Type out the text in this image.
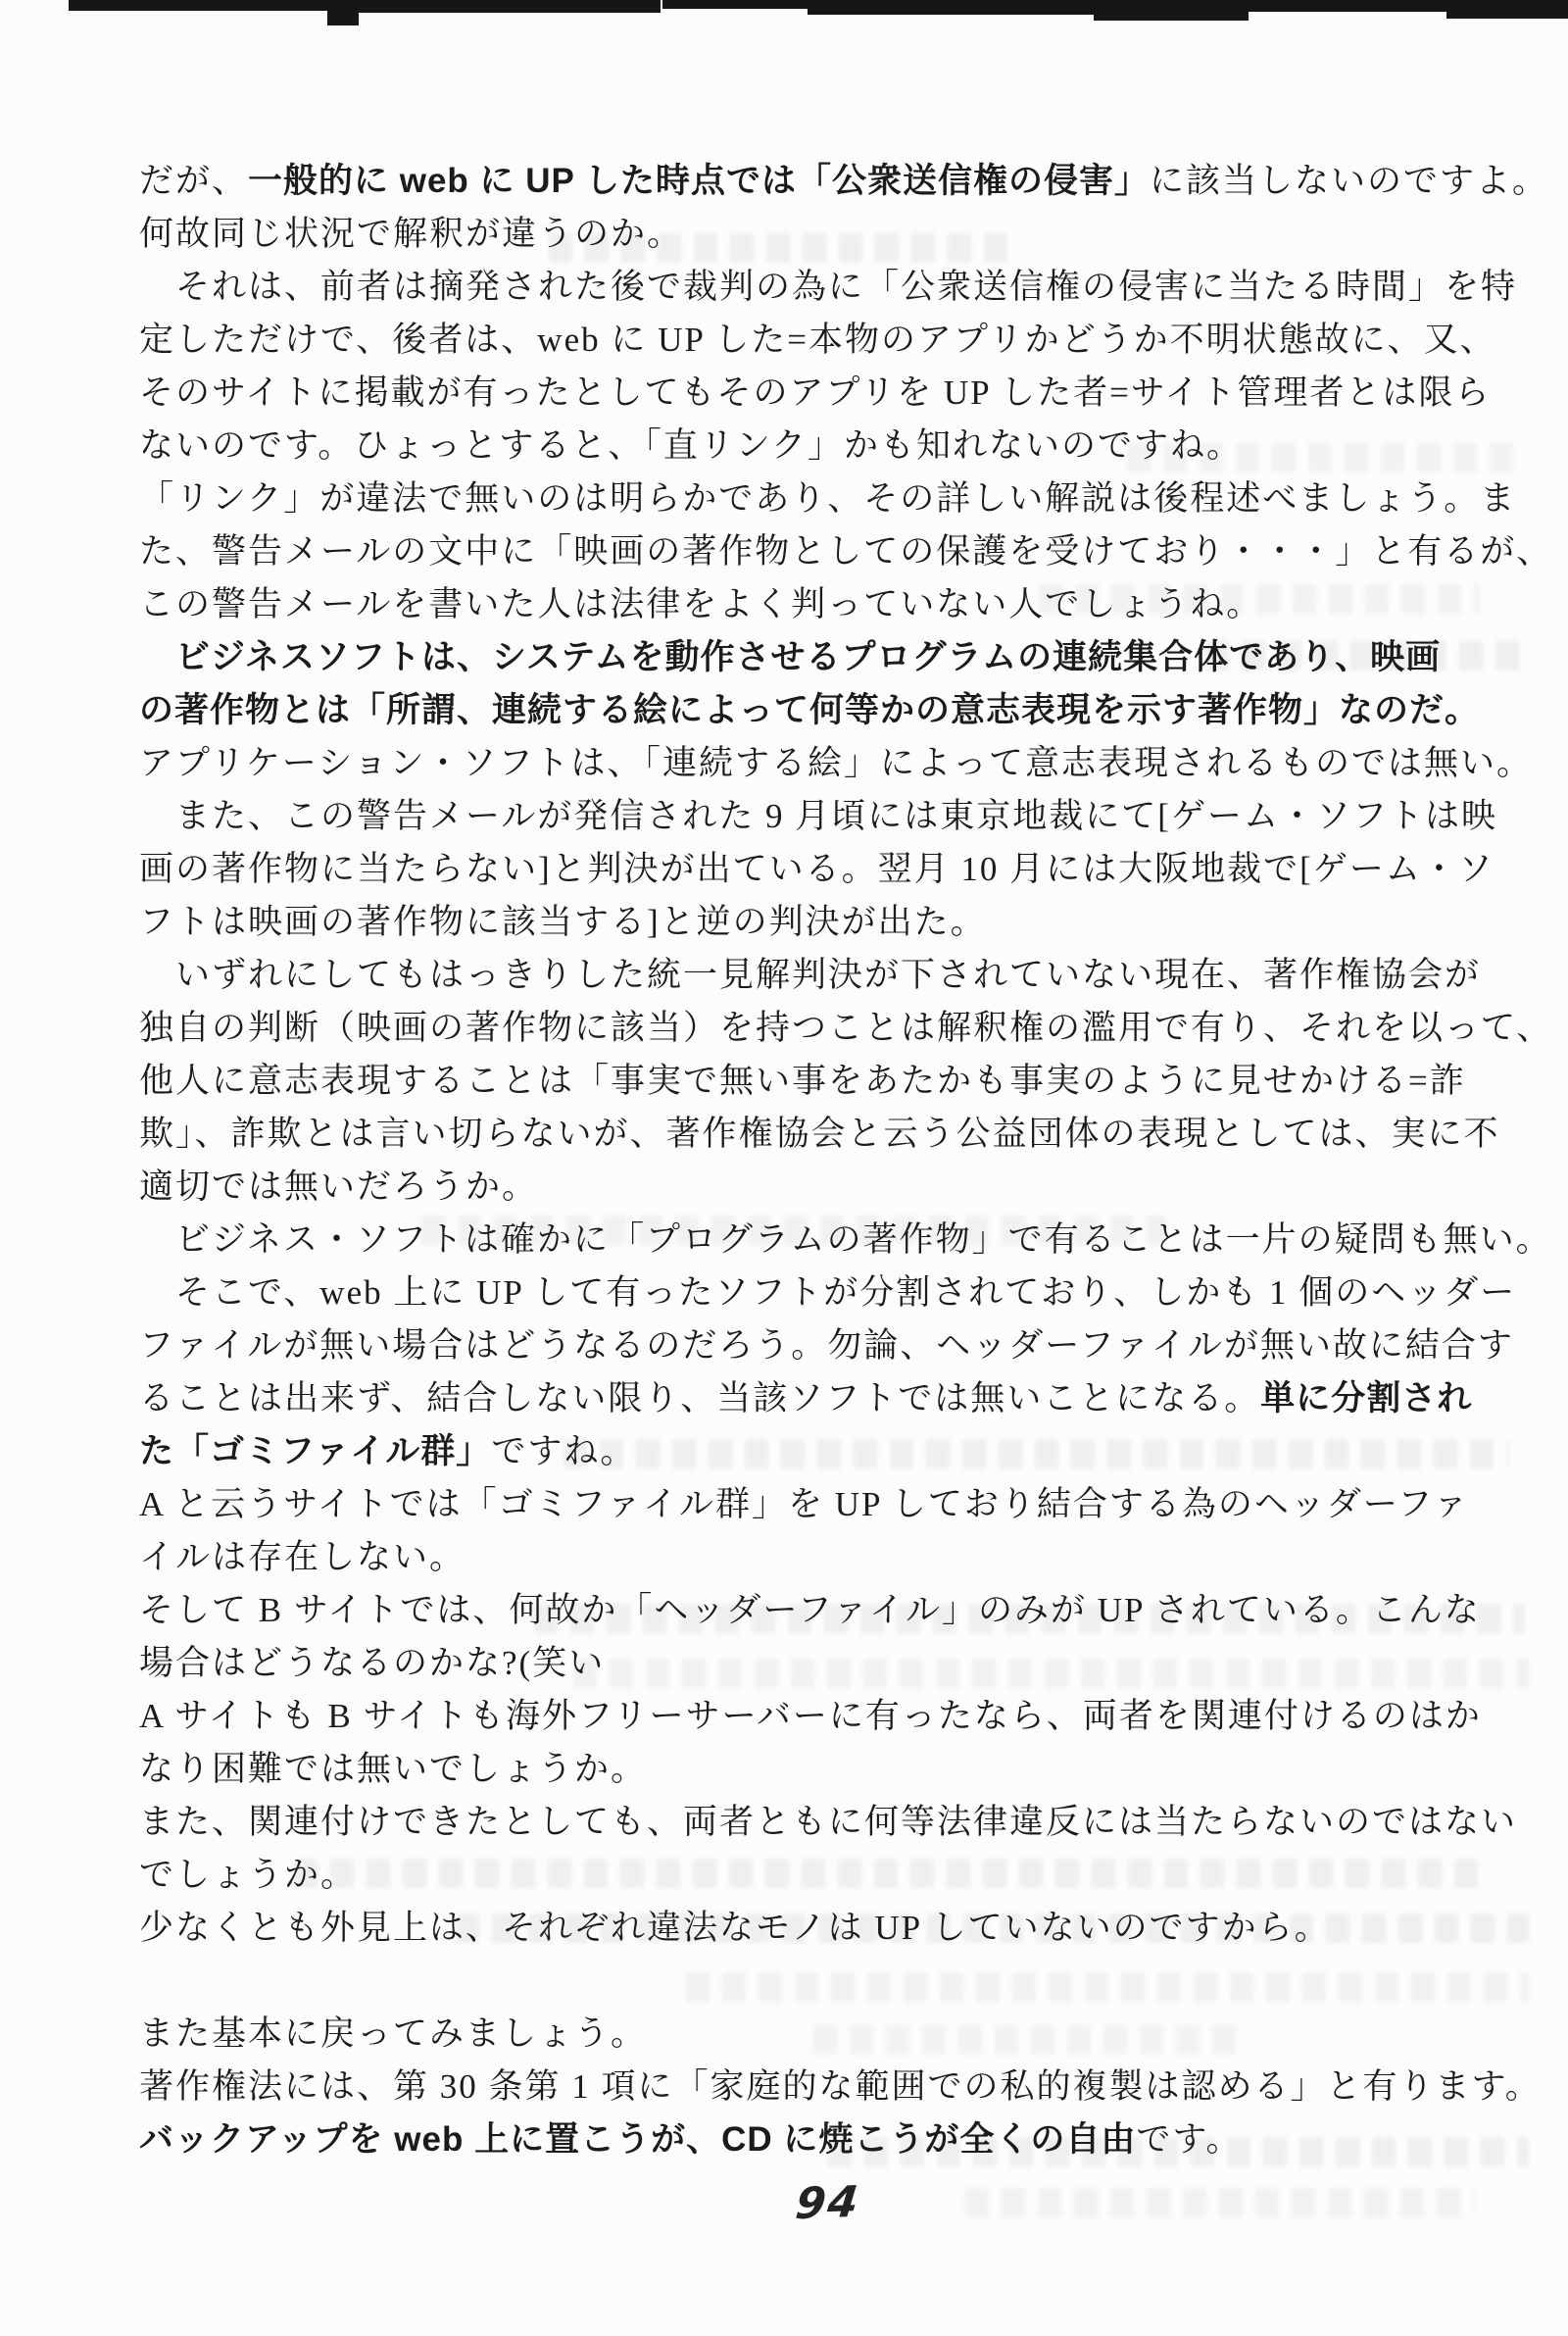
だが、一般的に web に UP した時点では「公衆送信権の侵害」に該当しないのですよ。
何故同じ状況で解釈が違うのか。
それは、前者は摘発された後で裁判の為に「公衆送信権の侵害に当たる時間」を特
定しただけで、後者は、web に UP した=本物のアプリかどうか不明状態故に、又、
そのサイトに掲載が有ったとしてもそのアプリを UP した者=サイト管理者とは限ら
ないのです。ひょっとすると、「直リンク」かも知れないのですね。
「リンク」が違法で無いのは明らかであり、その詳しい解説は後程述べましょう。ま
た、警告メールの文中に「映画の著作物としての保護を受けており・・・」と有るが、
この警告メールを書いた人は法律をよく判っていない人でしょうね。
ビジネスソフトは、システムを動作させるプログラムの連続集合体であり、映画
の著作物とは「所謂、連続する絵によって何等かの意志表現を示す著作物」なのだ。
アプリケーション・ソフトは、「連続する絵」によって意志表現されるものでは無い。
また、この警告メールが発信された 9 月頃には東京地裁にて[ゲーム・ソフトは映
画の著作物に当たらない]と判決が出ている。翌月 10 月には大阪地裁で[ゲーム・ソ
フトは映画の著作物に該当する]と逆の判決が出た。
いずれにしてもはっきりした統一見解判決が下されていない現在、著作権協会が
独自の判断（映画の著作物に該当）を持つことは解釈権の濫用で有り、それを以って、
他人に意志表現することは「事実で無い事をあたかも事実のように見せかける=詐
欺」、詐欺とは言い切らないが、著作権協会と云う公益団体の表現としては、実に不
適切では無いだろうか。
ビジネス・ソフトは確かに「プログラムの著作物」で有ることは一片の疑問も無い。
そこで、web 上に UP して有ったソフトが分割されており、しかも 1 個のヘッダー
ファイルが無い場合はどうなるのだろう。勿論、ヘッダーファイルが無い故に結合す
ることは出来ず、結合しない限り、当該ソフトでは無いことになる。単に分割され
た「ゴミファイル群」ですね。
A と云うサイトでは「ゴミファイル群」を UP しており結合する為のヘッダーファ
イルは存在しない。
そして B サイトでは、何故か「ヘッダーファイル」のみが UP されている。こんな
場合はどうなるのかな?(笑い
A サイトも B サイトも海外フリーサーバーに有ったなら、両者を関連付けるのはか
なり困難では無いでしょうか。
また、関連付けできたとしても、両者ともに何等法律違反には当たらないのではない
でしょうか。
少なくとも外見上は、それぞれ違法なモノは UP していないのですから。
また基本に戻ってみましょう。
著作権法には、第 30 条第 1 項に「家庭的な範囲での私的複製は認める」と有ります。
バックアップを web 上に置こうが、CD に焼こうが全くの自由です。
94
